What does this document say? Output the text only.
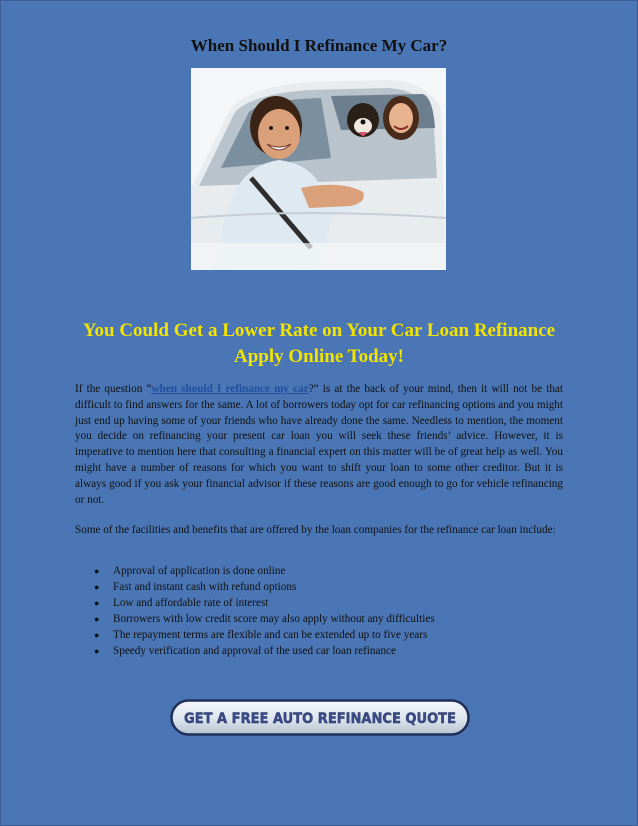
When Should I Refinance My Car?
You Could Get a Lower Rate on Your Car Loan Refinance Apply Online Today!

If the question “when should I refinance my car?” is at the back of your mind, then it will not be that difficult to find answers for the same. A lot of borrowers today opt for car refinancing options and you might just end up having some of your friends who have already done the same. Needless to mention, the moment you decide on refinancing your present car loan you will seek these friends’ advice. However, it is imperative to mention here that consulting a financial expert on this matter will be of great help as well. You might have a number of reasons for which you want to shift your loan to some other creditor. But it is always good if you ask your financial advisor if these reasons are good enough to go for vehicle refinancing or not.

Some of the facilities and benefits that are offered by the loan companies for the refinance car loan include:

●	Approval of application is done online
●	Fast and instant cash with refund options
●	Low and affordable rate of interest
●	Borrowers with low credit score may also apply without any difficulties
●	The repayment terms are flexible and can be extended up to five years
●	Speedy verification and approval of the used car loan refinance
GET A FREE AUTO REFINANCE QUOTE
